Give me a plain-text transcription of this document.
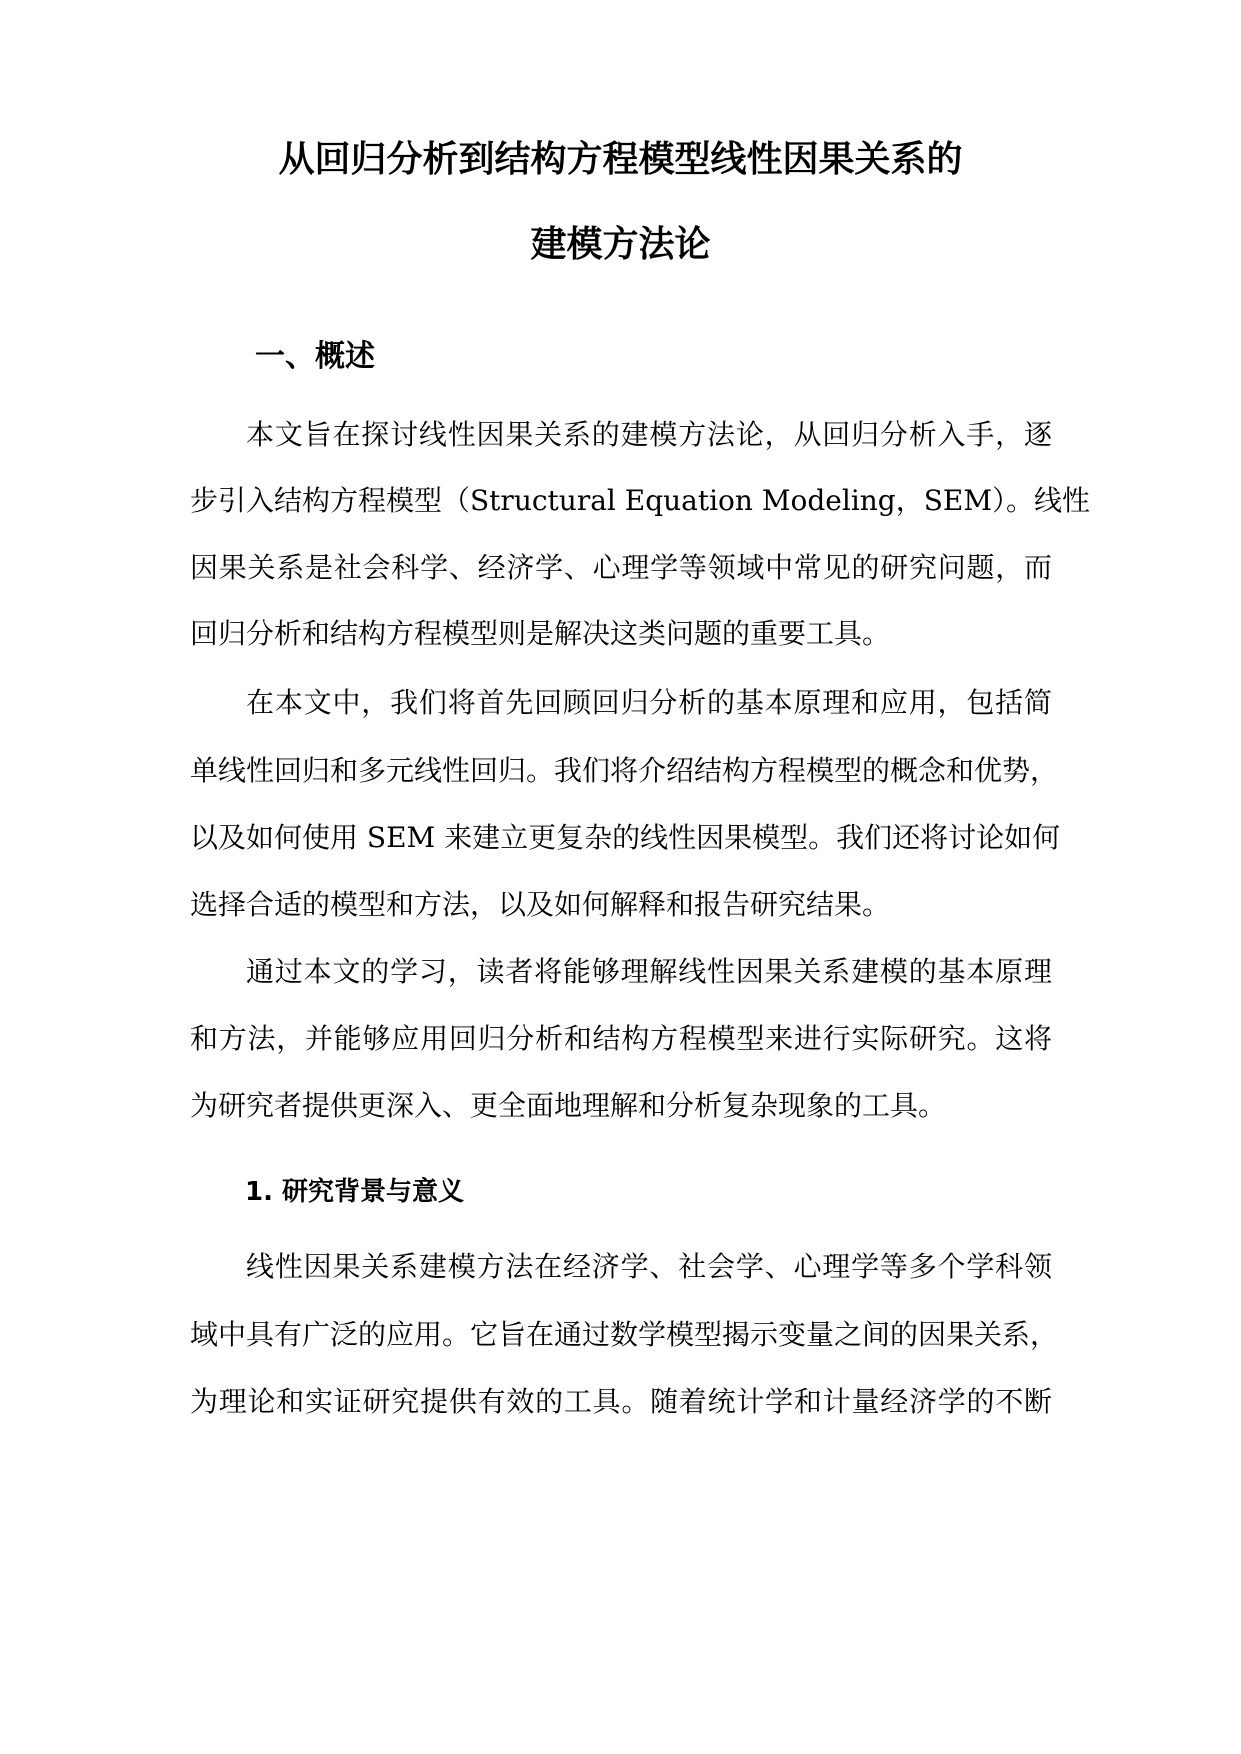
从回归分析到结构方程模型线性因果关系的
建模方法论
一、概述
本文旨在探讨线性因果关系的建模方法论，从回归分析入手，逐
步引入结构方程模型（Structural Equation Modeling，SEM）。线性
因果关系是社会科学、经济学、心理学等领域中常见的研究问题，而
回归分析和结构方程模型则是解决这类问题的重要工具。
在本文中，我们将首先回顾回归分析的基本原理和应用，包括简
单线性回归和多元线性回归。我们将介绍结构方程模型的概念和优势，
以及如何使用 SEM 来建立更复杂的线性因果模型。我们还将讨论如何
选择合适的模型和方法，以及如何解释和报告研究结果。
通过本文的学习，读者将能够理解线性因果关系建模的基本原理
和方法，并能够应用回归分析和结构方程模型来进行实际研究。这将
为研究者提供更深入、更全面地理解和分析复杂现象的工具。
1. 研究背景与意义
线性因果关系建模方法在经济学、社会学、心理学等多个学科领
域中具有广泛的应用。它旨在通过数学模型揭示变量之间的因果关系，
为理论和实证研究提供有效的工具。随着统计学和计量经济学的不断
